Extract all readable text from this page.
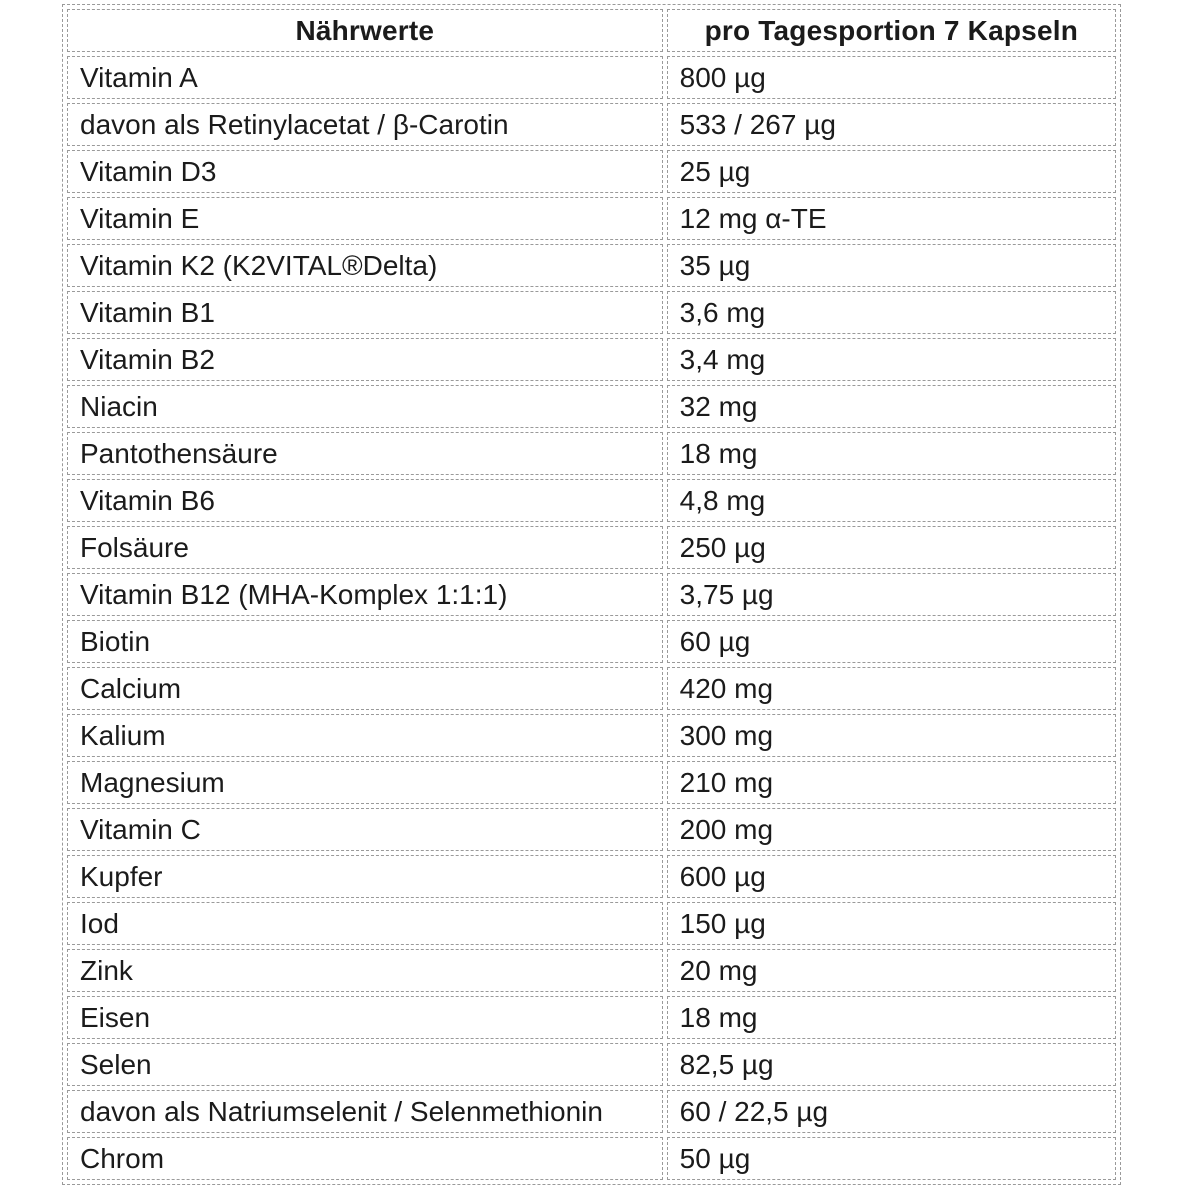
Nährwerte	pro Tagesportion 7 Kapseln
Vitamin A	800 µg
davon als Retinylacetat / β-Carotin	533 / 267 µg
Vitamin D3	25 µg
Vitamin E	12 mg α-TE
Vitamin K2 (K2VITAL®Delta)	35 µg
Vitamin B1	3,6 mg
Vitamin B2	3,4 mg
Niacin	32 mg
Pantothensäure	18 mg
Vitamin B6	4,8 mg
Folsäure	250 µg
Vitamin B12 (MHA-Komplex 1:1:1)	3,75 µg
Biotin	60 µg
Calcium	420 mg
Kalium	300 mg
Magnesium	210 mg
Vitamin C	200 mg
Kupfer	600 µg
Iod	150 µg
Zink	20 mg
Eisen	18 mg
Selen	82,5 µg
davon als Natriumselenit / Selenmethionin	60 / 22,5 µg
Chrom	50 µg
